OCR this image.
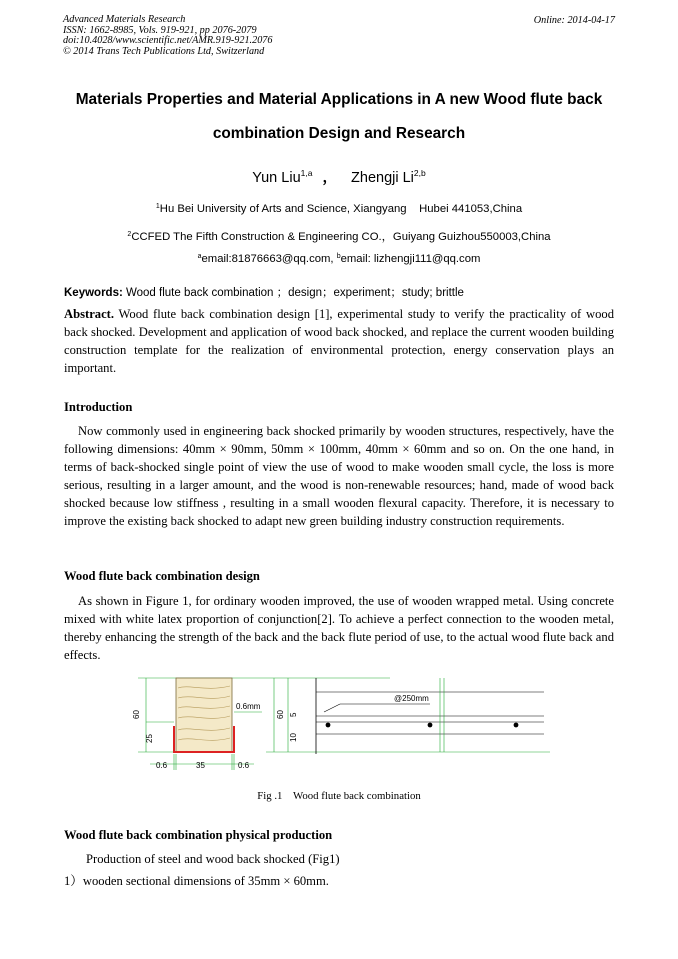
Advanced Materials Research
ISSN: 1662-8985, Vols. 919-921, pp 2076-2079
doi:10.4028/www.scientific.net/AMR.919-921.2076
© 2014 Trans Tech Publications Ltd, Switzerland
Online: 2014-04-17
Materials Properties and Material Applications in A new Wood flute back
combination Design and Research
Yun Liu$^{1,a}$ ， Zhengji Li$^{2,b}$
$^1$Hu Bei University of Arts and Science, Xiangyang    Hubei 441053,China
$^2$CCFED The Fifth Construction & Engineering CO.，Guiyang Guizhou550003,China
$^a$email:81876663@qq.com, $^b$email: lizhengji111@qq.com
Keywords: Wood flute back combination ；design；experiment；study; brittle
Abstract. Wood flute back combination design [1], experimental study to verify the practicality of wood back shocked. Development and application of wood back shocked, and replace the current wooden building construction template for the realization of environmental protection, energy conservation plays an important.
Introduction
Now commonly used in engineering back shocked primarily by wooden structures, respectively, have the following dimensions: 40mm × 90mm, 50mm × 100mm, 40mm × 60mm and so on. On the one hand, in terms of back-shocked single point of view the use of wood to make wooden small cycle, the loss is more serious, resulting in a larger amount, and the wood is non-renewable resources; hand, made of wood back shocked because low stiffness , resulting in a small wooden flexural capacity. Therefore, it is necessary to improve the existing back shocked to adapt new green building industry construction requirements.
Wood flute back combination design
As shown in Figure 1, for ordinary wooden improved, the use of wooden wrapped metal. Using concrete mixed with white latex proportion of conjunction[2]. To achieve a perfect connection to the wooden metal, thereby enhancing the strength of the back and the back flute period of use, to the actual wood flute back and effects.
60
25
0.6mm
0.6	35	0.6
60 5
10
@250mm
Fig .1    Wood flute back combination
Wood flute back combination physical production
Production of steel and wood back shocked (Fig1)
1）wooden sectional dimensions of 35mm × 60mm.
